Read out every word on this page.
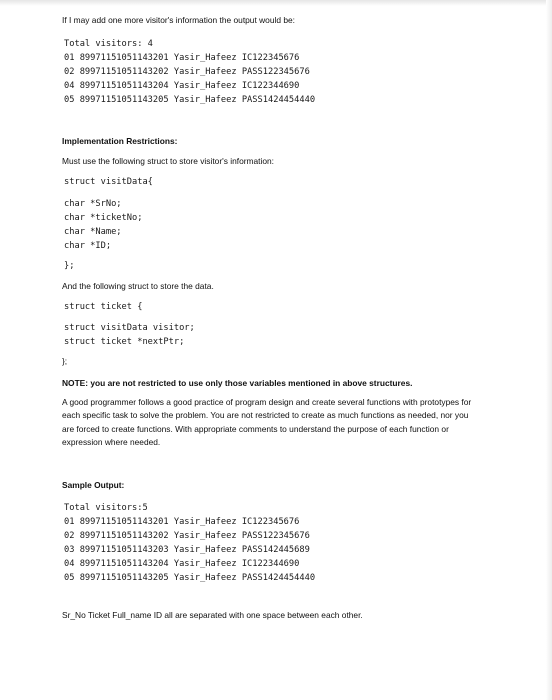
If I may add one more visitor's information the output would be:
Total visitors: 4
01 89971151051143201 Yasir_Hafeez IC122345676
02 89971151051143202 Yasir_Hafeez PASS122345676
04 89971151051143204 Yasir_Hafeez IC122344690
05 89971151051143205 Yasir_Hafeez PASS1424454440
Implementation Restrictions:
Must use the following struct to store visitor's information:
struct visitData{
char *SrNo;
char *ticketNo;
char *Name;
char *ID;
};
And the following struct to store the data.
struct ticket {
struct visitData visitor;
struct ticket *nextPtr;
};
NOTE: you are not restricted to use only those variables mentioned in above structures.
A good programmer follows a good practice of program design and create several functions with prototypes for each specific task to solve the problem. You are not restricted to create as much functions as needed, nor you are forced to create functions. With appropriate comments to understand the purpose of each function or expression where needed.
Sample Output:
Total visitors:5
01 89971151051143201 Yasir_Hafeez IC122345676
02 89971151051143202 Yasir_Hafeez PASS122345676
03 89971151051143203 Yasir_Hafeez PASS142445689
04 89971151051143204 Yasir_Hafeez IC122344690
05 89971151051143205 Yasir_Hafeez PASS1424454440
Sr_No Ticket Full_name ID all are separated with one space between each other.
